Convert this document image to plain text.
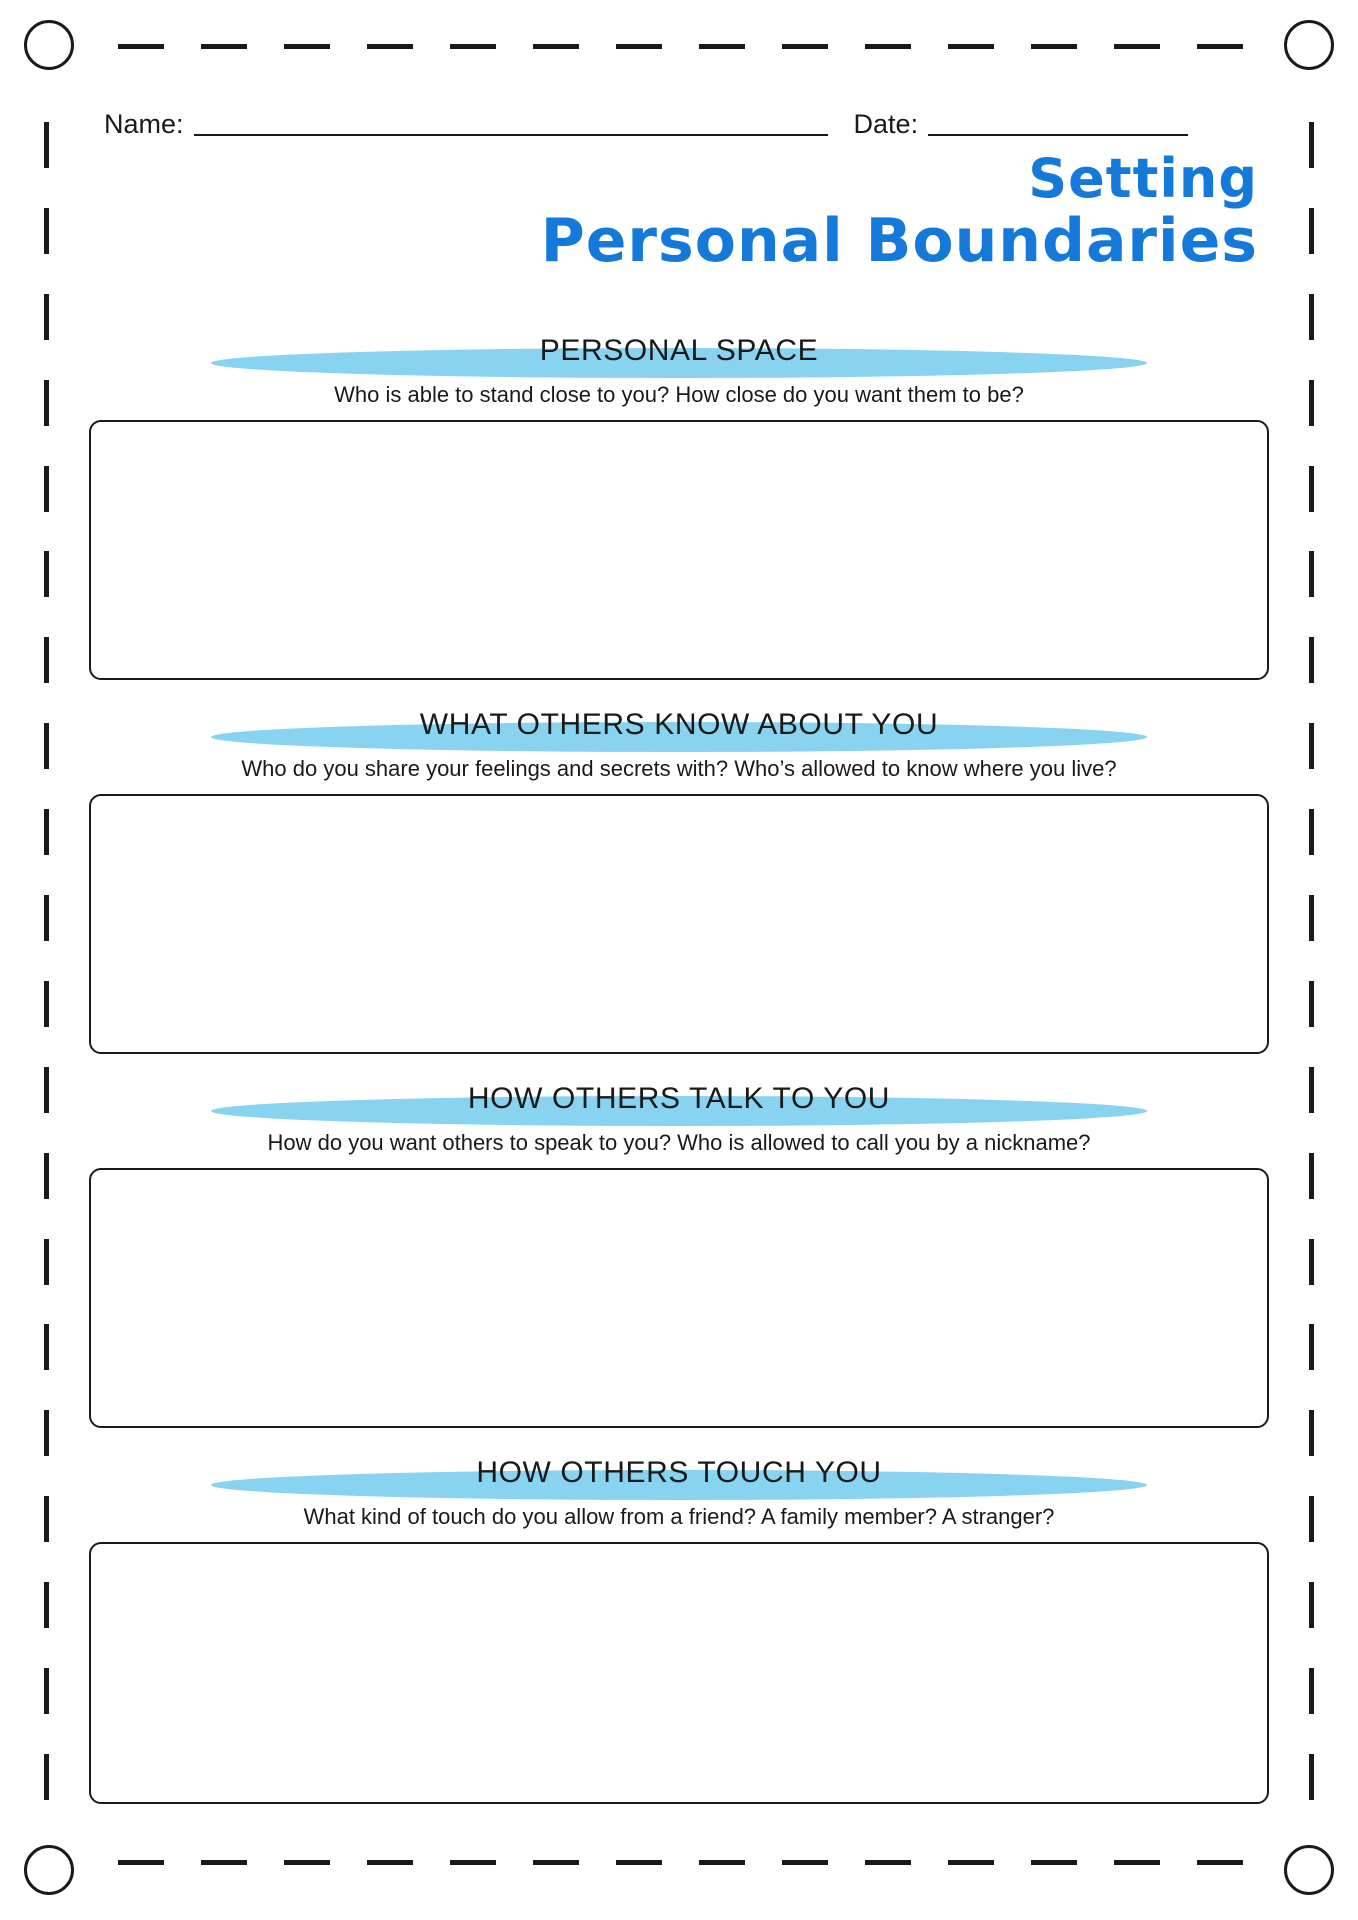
Name:	Date:
Setting
Personal Boundaries
PERSONAL SPACE
Who is able to stand close to you? How close do you want them to be?
WHAT OTHERS KNOW ABOUT YOU
Who do you share your feelings and secrets with? Who’s allowed to know where you live?
HOW OTHERS TALK TO YOU
How do you want others to speak to you? Who is allowed to call you by a nickname?
HOW OTHERS TOUCH YOU
What kind of touch do you allow from a friend? A family member? A stranger?
